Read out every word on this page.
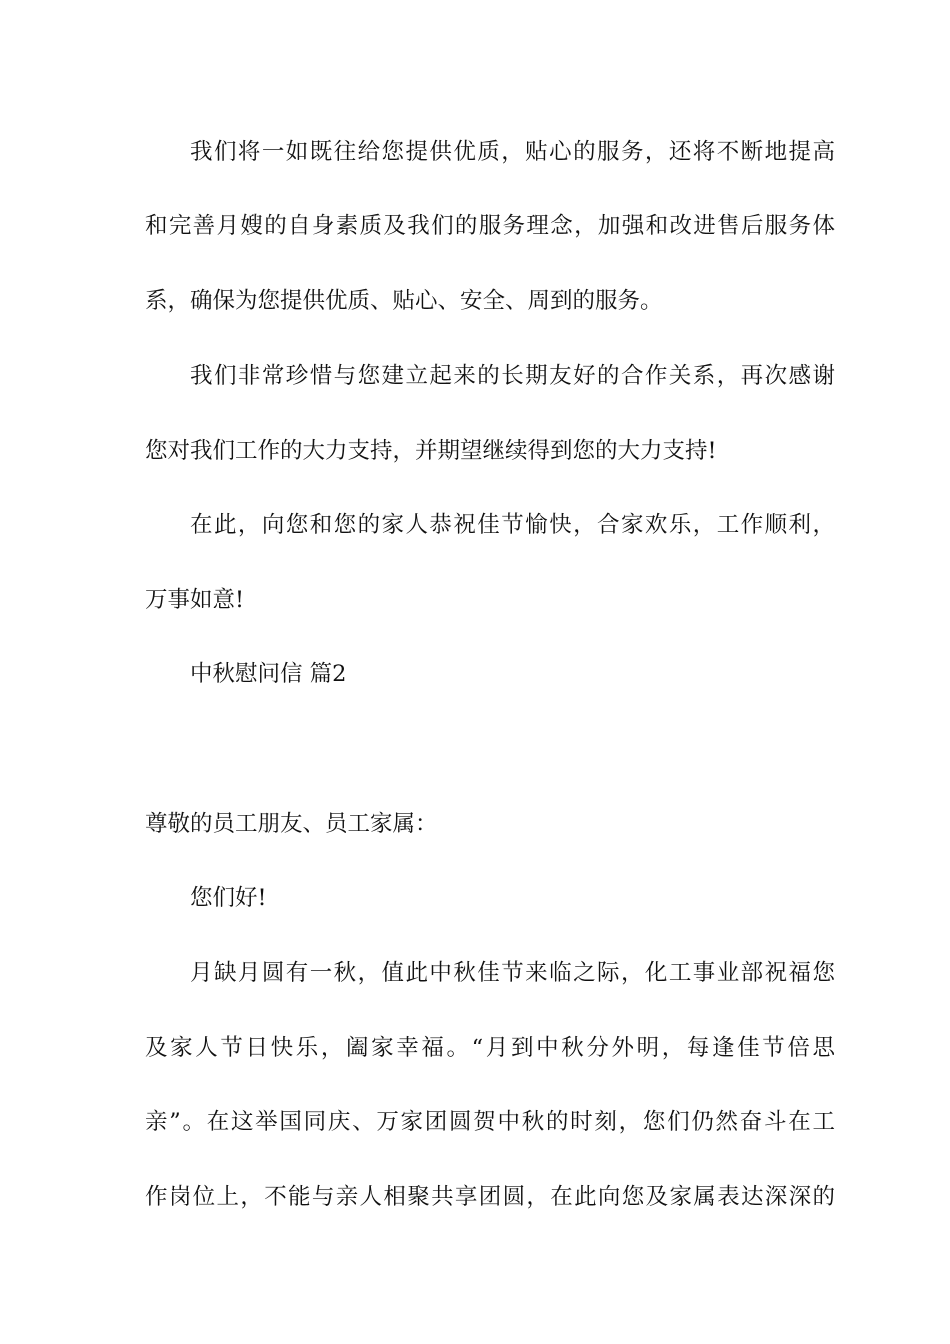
我们将一如既往给您提供优质，贴心的服务，还将不断地提高
和完善月嫂的自身素质及我们的服务理念，加强和改进售后服务体
系，确保为您提供优质、贴心、安全、周到的服务。
我们非常珍惜与您建立起来的长期友好的合作关系，再次感谢
您对我们工作的大力支持，并期望继续得到您的大力支持!
在此，向您和您的家人恭祝佳节愉快，合家欢乐，工作顺利，
万事如意!
中秋慰问信 篇2
尊敬的员工朋友、员工家属：
您们好!
月缺月圆有一秋，值此中秋佳节来临之际，化工事业部祝福您
及家人节日快乐，阖家幸福。“月到中秋分外明，每逢佳节倍思
亲”。在这举国同庆、万家团圆贺中秋的时刻，您们仍然奋斗在工
作岗位上，不能与亲人相聚共享团圆，在此向您及家属表达深深的
